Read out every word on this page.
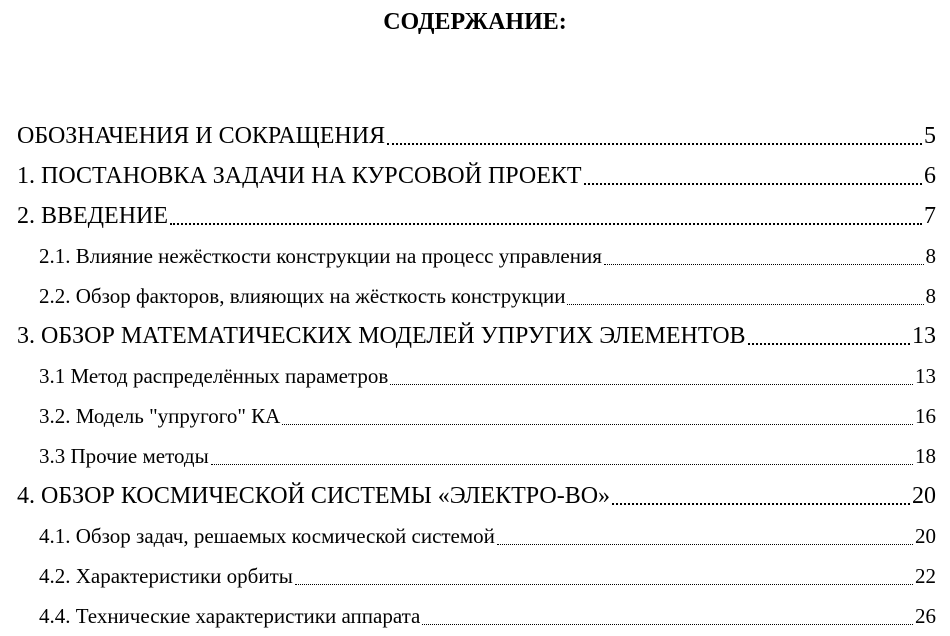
СОДЕРЖАНИЕ:
ОБОЗНАЧЕНИЯ И СОКРАЩЕНИЯ	5
1. ПОСТАНОВКА ЗАДАЧИ НА КУРСОВОЙ ПРОЕКТ	6
2. ВВЕДЕНИЕ	7
2.1. Влияние нежёсткости конструкции на процесс управления	8
2.2. Обзор факторов, влияющих на жёсткость конструкции	8
3. ОБЗОР МАТЕМАТИЧЕСКИХ МОДЕЛЕЙ УПРУГИХ ЭЛЕМЕНТОВ	13
3.1 Метод распределённых параметров	13
3.2. Модель "упругого" КА	16
3.3 Прочие методы	18
4. ОБЗОР КОСМИЧЕСКОЙ СИСТЕМЫ «ЭЛЕКТРО-ВО»	20
4.1. Обзор задач, решаемых космической системой	20
4.2. Характеристики орбиты	22
4.4. Технические характеристики аппарата	26
